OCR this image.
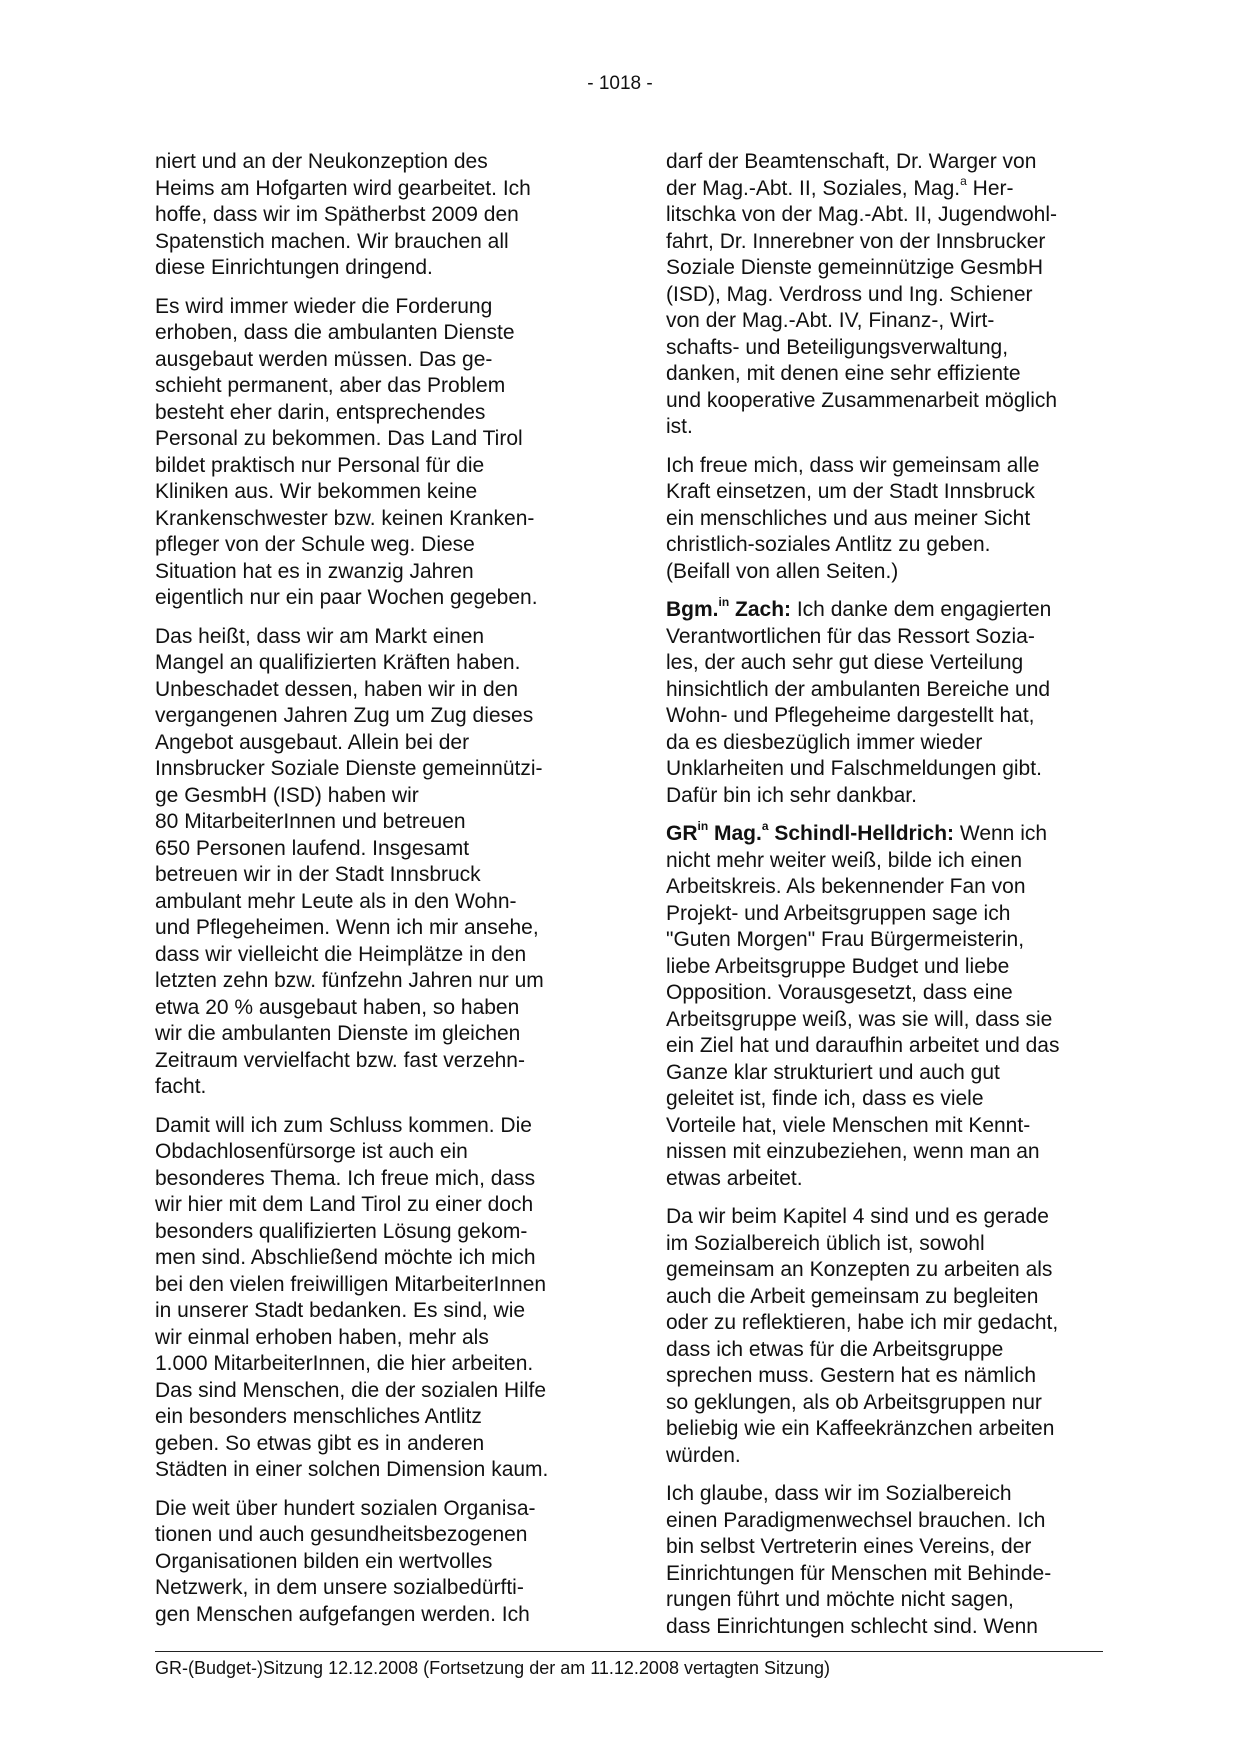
- 1018 -

niert und an der Neukonzeption des
Heims am Hofgarten wird gearbeitet. Ich
hoffe, dass wir im Spätherbst 2009 den
Spatenstich machen. Wir brauchen all
diese Einrichtungen dringend.

Es wird immer wieder die Forderung
erhoben, dass die ambulanten Dienste
ausgebaut werden müssen. Das ge-
schieht permanent, aber das Problem
besteht eher darin, entsprechendes
Personal zu bekommen. Das Land Tirol
bildet praktisch nur Personal für die
Kliniken aus. Wir bekommen keine
Krankenschwester bzw. keinen Kranken-
pfleger von der Schule weg. Diese
Situation hat es in zwanzig Jahren
eigentlich nur ein paar Wochen gegeben.

Das heißt, dass wir am Markt einen
Mangel an qualifizierten Kräften haben.
Unbeschadet dessen, haben wir in den
vergangenen Jahren Zug um Zug dieses
Angebot ausgebaut. Allein bei der
Innsbrucker Soziale Dienste gemeinnützi-
ge GesmbH (ISD) haben wir
80 MitarbeiterInnen und betreuen
650 Personen laufend. Insgesamt
betreuen wir in der Stadt Innsbruck
ambulant mehr Leute als in den Wohn-
und Pflegeheimen. Wenn ich mir ansehe,
dass wir vielleicht die Heimplätze in den
letzten zehn bzw. fünfzehn Jahren nur um
etwa 20 % ausgebaut haben, so haben
wir die ambulanten Dienste im gleichen
Zeitraum vervielfacht bzw. fast verzehn-
facht.

Damit will ich zum Schluss kommen. Die
Obdachlosenfürsorge ist auch ein
besonderes Thema. Ich freue mich, dass
wir hier mit dem Land Tirol zu einer doch
besonders qualifizierten Lösung gekom-
men sind. Abschließend möchte ich mich
bei den vielen freiwilligen MitarbeiterInnen
in unserer Stadt bedanken. Es sind, wie
wir einmal erhoben haben, mehr als
1.000 MitarbeiterInnen, die hier arbeiten.
Das sind Menschen, die der sozialen Hilfe
ein besonders menschliches Antlitz
geben. So etwas gibt es in anderen
Städten in einer solchen Dimension kaum.

Die weit über hundert sozialen Organisa-
tionen und auch gesundheitsbezogenen
Organisationen bilden ein wertvolles
Netzwerk, in dem unsere sozialbedürfti-
gen Menschen aufgefangen werden. Ich

darf der Beamtenschaft, Dr. Warger von
der Mag.-Abt. II, Soziales, Mag.$^a$ Her-
litschka von der Mag.-Abt. II, Jugendwohl-
fahrt, Dr. Innerebner von der Innsbrucker
Soziale Dienste gemeinnützige GesmbH
(ISD), Mag. Verdross und Ing. Schiener
von der Mag.-Abt. IV, Finanz-, Wirt-
schafts- und Beteiligungsverwaltung,
danken, mit denen eine sehr effiziente
und kooperative Zusammenarbeit möglich
ist.

Ich freue mich, dass wir gemeinsam alle
Kraft einsetzen, um der Stadt Innsbruck
ein menschliches und aus meiner Sicht
christlich-soziales Antlitz zu geben.
(Beifall von allen Seiten.)

Bgm.$^{in}$ Zach: Ich danke dem engagierten
Verantwortlichen für das Ressort Sozia-
les, der auch sehr gut diese Verteilung
hinsichtlich der ambulanten Bereiche und
Wohn- und Pflegeheime dargestellt hat,
da es diesbezüglich immer wieder
Unklarheiten und Falschmeldungen gibt.
Dafür bin ich sehr dankbar.

$GR^{in}$ Mag.$^a$ Schindl-Helldrich: Wenn ich
nicht mehr weiter weiß, bilde ich einen
Arbeitskreis. Als bekennender Fan von
Projekt- und Arbeitsgruppen sage ich
"Guten Morgen" Frau Bürgermeisterin,
liebe Arbeitsgruppe Budget und liebe
Opposition. Vorausgesetzt, dass eine
Arbeitsgruppe weiß, was sie will, dass sie
ein Ziel hat und daraufhin arbeitet und das
Ganze klar strukturiert und auch gut
geleitet ist, finde ich, dass es viele
Vorteile hat, viele Menschen mit Kennt-
nissen mit einzubeziehen, wenn man an
etwas arbeitet.

Da wir beim Kapitel 4 sind und es gerade
im Sozialbereich üblich ist, sowohl
gemeinsam an Konzepten zu arbeiten als
auch die Arbeit gemeinsam zu begleiten
oder zu reflektieren, habe ich mir gedacht,
dass ich etwas für die Arbeitsgruppe
sprechen muss. Gestern hat es nämlich
so geklungen, als ob Arbeitsgruppen nur
beliebig wie ein Kaffeekränzchen arbeiten
würden.

Ich glaube, dass wir im Sozialbereich
einen Paradigmenwechsel brauchen. Ich
bin selbst Vertreterin eines Vereins, der
Einrichtungen für Menschen mit Behinde-
rungen führt und möchte nicht sagen,
dass Einrichtungen schlecht sind. Wenn

GR-(Budget-)Sitzung 12.12.2008 (Fortsetzung der am 11.12.2008 vertagten Sitzung)
